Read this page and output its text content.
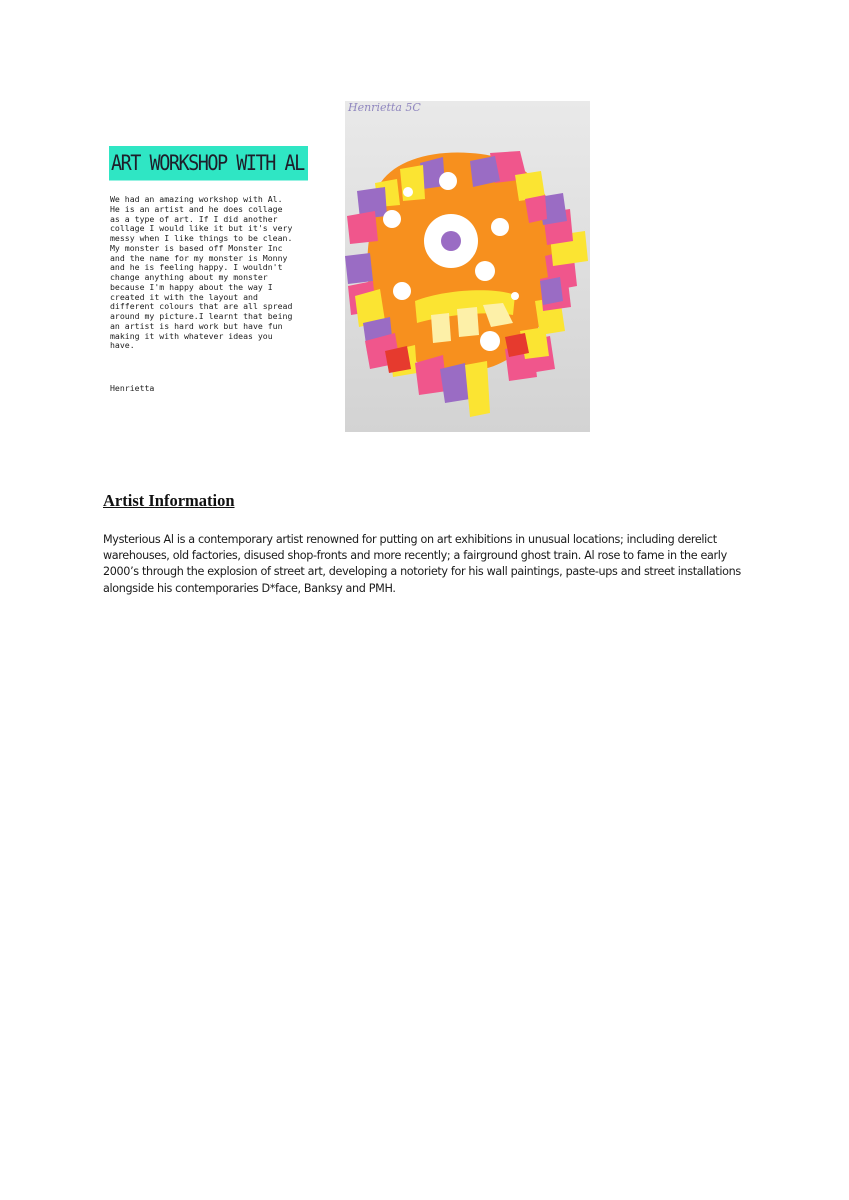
ART WORKSHOP WITH AL

We had an amazing workshop with Al. He is an artist and he does collage as a type of art. If I did another collage I would like it but it's very messy when I like things to be clean.  My monster is based off Monster Inc and the name for my monster is Monny and he is feeling happy. I wouldn't change anything about my monster because I'm happy about the way I created it with the layout and different colours that are all spread around my picture.I learnt that being an artist is hard work but have fun making it with whatever ideas you have.

Henrietta
Henrietta 5C
Artist Information

Mysterious Al is a contemporary artist renowned for putting on art exhibitions in unusual locations; including derelict warehouses, old factories, disused shop-fronts and more recently; a fairground ghost train. Al rose to fame in the early 2000’s through the explosion of street art, developing a notoriety for his wall paintings, paste-ups and street installations alongside his contemporaries D*face, Banksy and PMH.
